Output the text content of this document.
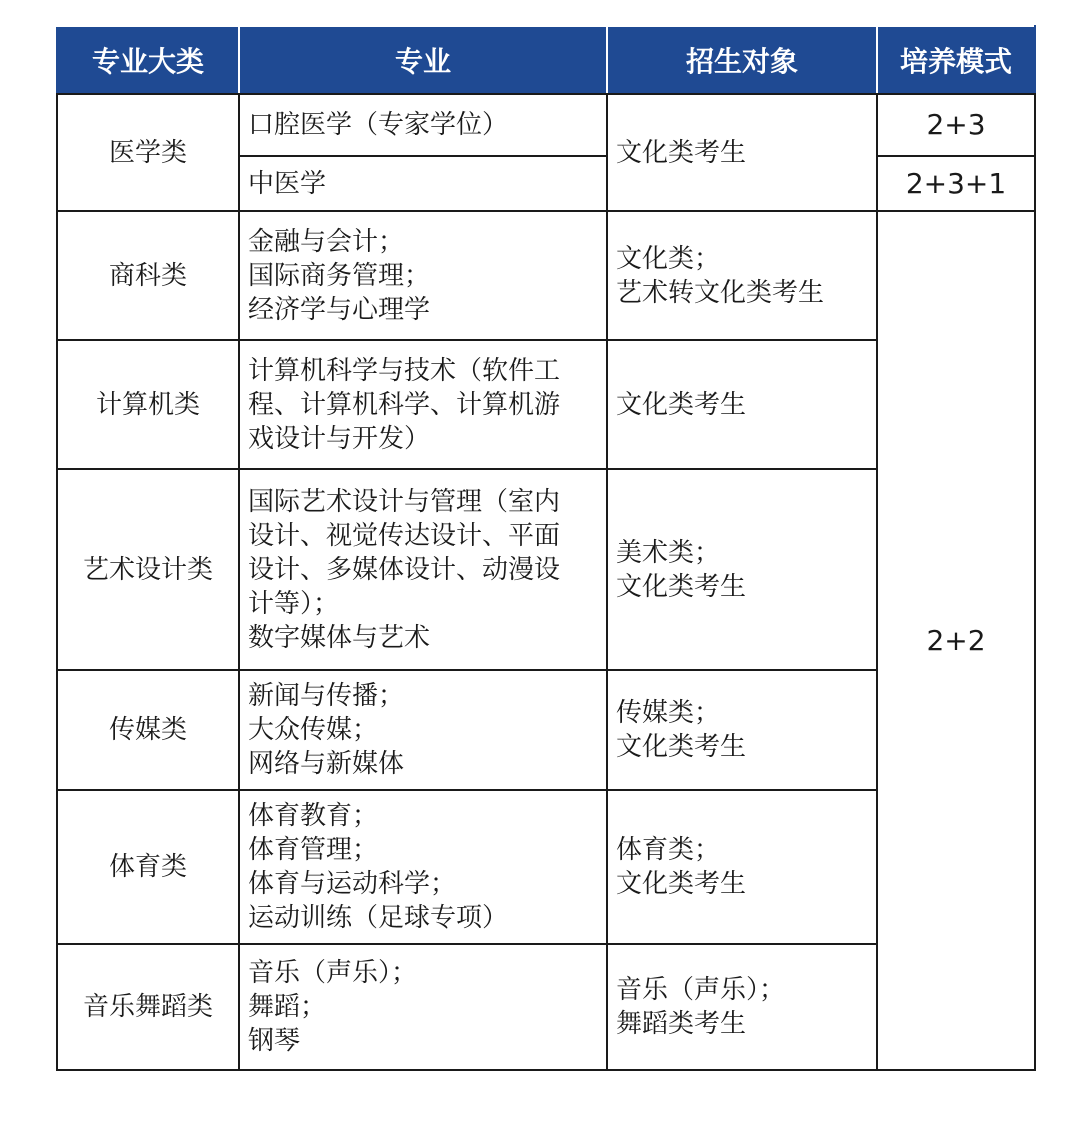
专业大类	专业	招生对象	培养模式
医学类	口腔医学（专家学位）	文化类考生	2+3

	中医学		2+3+1
商科类	金融与会计；
国际商务管理；
经济学与心理学	文化类；
艺术转文化类考生	2+2
计算机类	计算机科学与技术（软件工
程、计算机科学、计算机游
戏设计与开发）	文化类考生	

艺术设计类	国际艺术设计与管理（室内
设计、视觉传达设计、平面
设计、多媒体设计、动漫设
计等）；
数字媒体与艺术	美术类；
文化类考生	

传媒类	新闻与传播；
大众传媒；
网络与新媒体	传媒类；
文化类考生	

体育类	体育教育；
体育管理；
体育与运动科学；
运动训练（足球专项）	体育类；
文化类考生	

音乐舞蹈类	音乐（声乐）；
舞蹈；
钢琴	音乐（声乐）；
舞蹈类考生	
